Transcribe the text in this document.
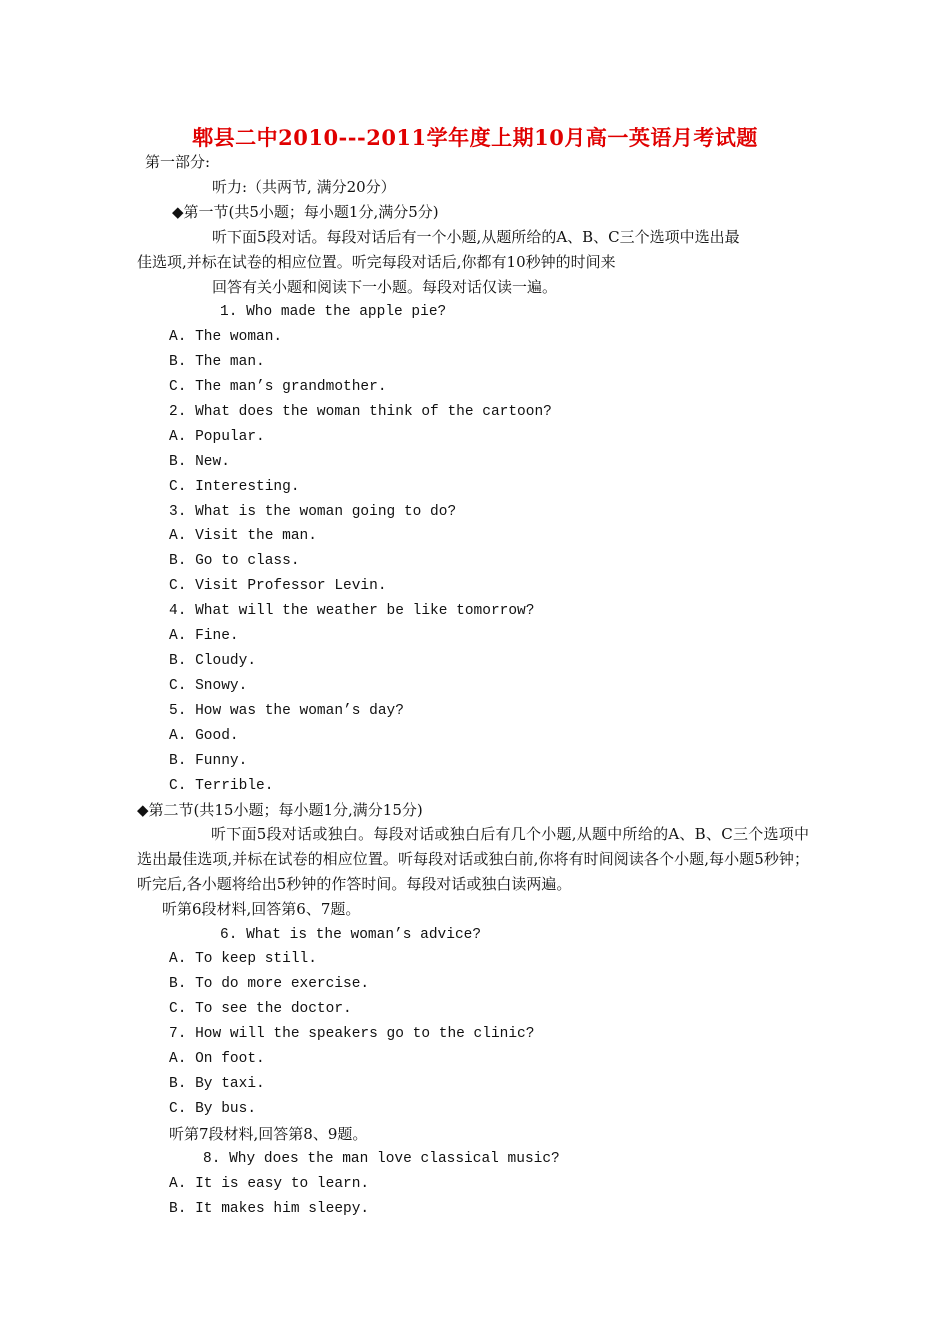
郫县二中2010---2011学年度上期10月高一英语月考试题
第一部分:
听力:（共两节, 满分20分）
◆第一节(共5小题；每小题1分,满分5分)
听下面5段对话。每段对话后有一个小题,从题所给的A、B、C三个选项中选出最
佳选项,并标在试卷的相应位置。听完每段对话后,你都有10秒钟的时间来
回答有关小题和阅读下一小题。每段对话仅读一遍。
1. Who made the apple pie?
A. The woman.
B. The man.
C. The man’s grandmother.
2. What does the woman think of the cartoon?
A. Popular.
B. New.
C. Interesting.
3. What is the woman going to do?
A. Visit the man.
B. Go to class.
C. Visit Professor Levin.
4. What will the weather be like tomorrow?
A. Fine.
B. Cloudy.
C. Snowy.
5. How was the woman’s day?
A. Good.
B. Funny.
C. Terrible.
◆第二节(共15小题；每小题1分,满分15分)
听下面5段对话或独白。每段对话或独白后有几个小题,从题中所给的A、B、C三个选项中选出最佳选项,并标在试卷的相应位置。听每段对话或独白前,你将有时间阅读各个小题,每小题5秒钟；听完后,各小题将给出5秒钟的作答时间。每段对话或独白读两遍。
听第6段材料,回答第6、7题。
6. What is the woman’s advice?
A. To keep still.
B. To do more exercise.
C. To see the doctor.
7. How will the speakers go to the clinic?
A. On foot.
B. By taxi.
C. By bus.
听第7段材料,回答第8、9题。
8. Why does the man love classical music?
A. It is easy to learn.
B. It makes him sleepy.
